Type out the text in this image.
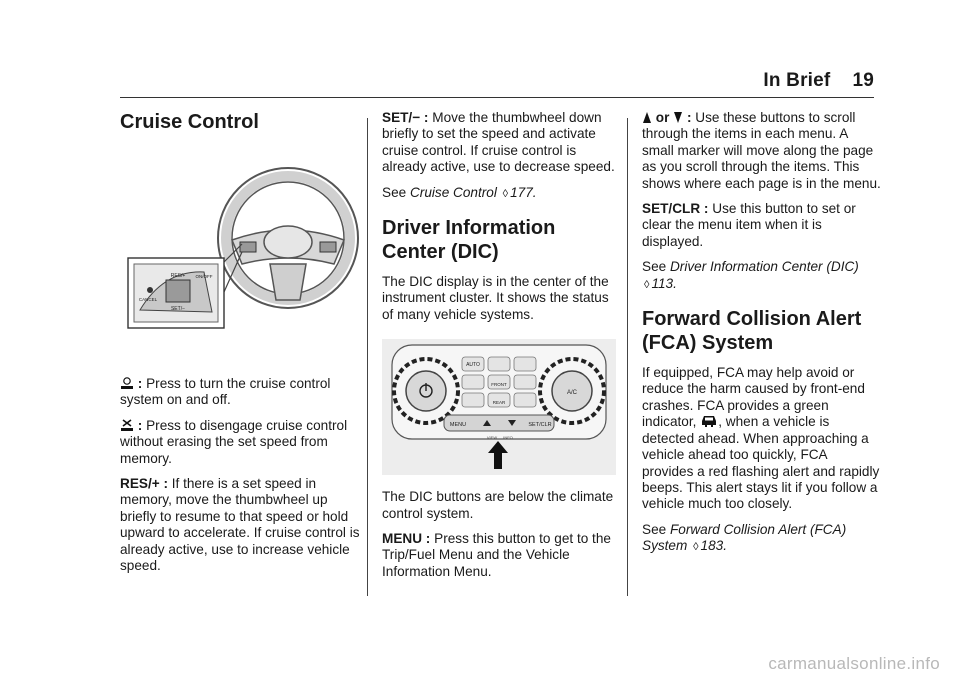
In Brief 19
Cruise Control
RES/+ ON/OFF
CANCEL
SET/−

: Press to turn the cruise control system on and off.

: Press to disengage cruise control without erasing the set speed from memory.

RES/+ : If there is a set speed in memory, move the thumbwheel up briefly to resume to that speed or hold upward to accelerate. If cruise control is already active, use to increase vehicle speed.

SET/− : Move the thumbwheel down briefly to set the speed and activate cruise control. If cruise control is already active, use to decrease speed.

See Cruise Control ◊ 177.

Driver Information Center (DIC)

The DIC display is in the center of the instrument cluster. It shows the status of many vehicle systems.

A/C
AUTO
FRONT
REAR
MENU	SET/CLR
VIEW INFO

The DIC buttons are below the climate control system.

MENU : Press this button to get to the Trip/Fuel Menu and the Vehicle Information Menu.

or : Use these buttons to scroll through the items in each menu. A small marker will move along the page as you scroll through the items. This shows where each page is in the menu.

SET/CLR : Use this button to set or clear the menu item when it is displayed.

See Driver Information Center (DIC) ◊ 113.

Forward Collision Alert (FCA) System

If equipped, FCA may help avoid or reduce the harm caused by front-end crashes. FCA provides a green indicator, , when a vehicle is detected ahead. When approaching a vehicle ahead too quickly, FCA provides a red flashing alert and rapidly beeps. This alert stays lit if you follow a vehicle much too closely.

See Forward Collision Alert (FCA) System ◊ 183.

carmanualsonline.info
